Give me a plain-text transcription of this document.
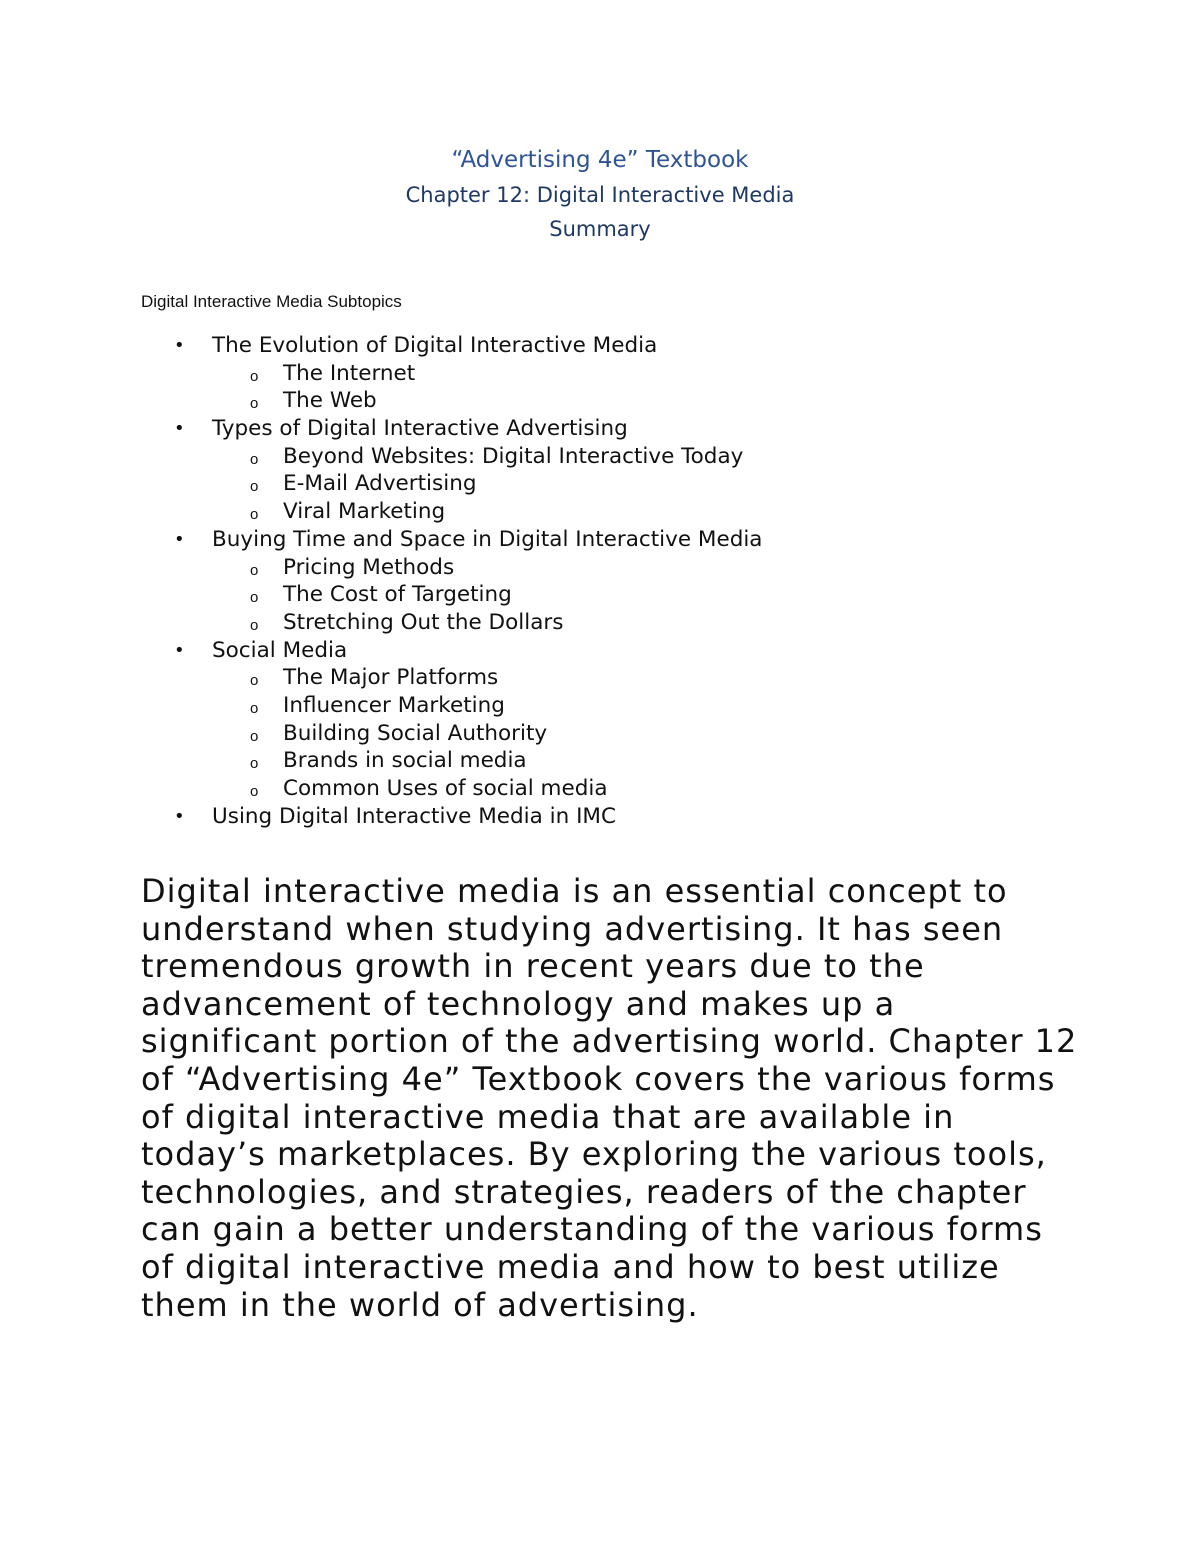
“Advertising 4e” Textbook
Chapter 12: Digital Interactive Media
Summary
Digital Interactive Media Subtopics
• The Evolution of Digital Interactive Media
o The Internet
o The Web
• Types of Digital Interactive Advertising
o Beyond Websites: Digital Interactive Today
o E-Mail Advertising
o Viral Marketing
• Buying Time and Space in Digital Interactive Media
o Pricing Methods
o The Cost of Targeting
o Stretching Out the Dollars
• Social Media
o The Major Platforms
o Influencer Marketing
o Building Social Authority
o Brands in social media
o Common Uses of social media
• Using Digital Interactive Media in IMC

Digital interactive media is an essential concept to understand when studying advertising. It has seen tremendous growth in recent years due to the advancement of technology and makes up a significant portion of the advertising world. Chapter 12 of “Advertising 4e” Textbook covers the various forms of digital interactive media that are available in today’s marketplaces. By exploring the various tools, technologies, and strategies, readers of the chapter can gain a better understanding of the various forms of digital interactive media and how to best utilize them in the world of advertising.
